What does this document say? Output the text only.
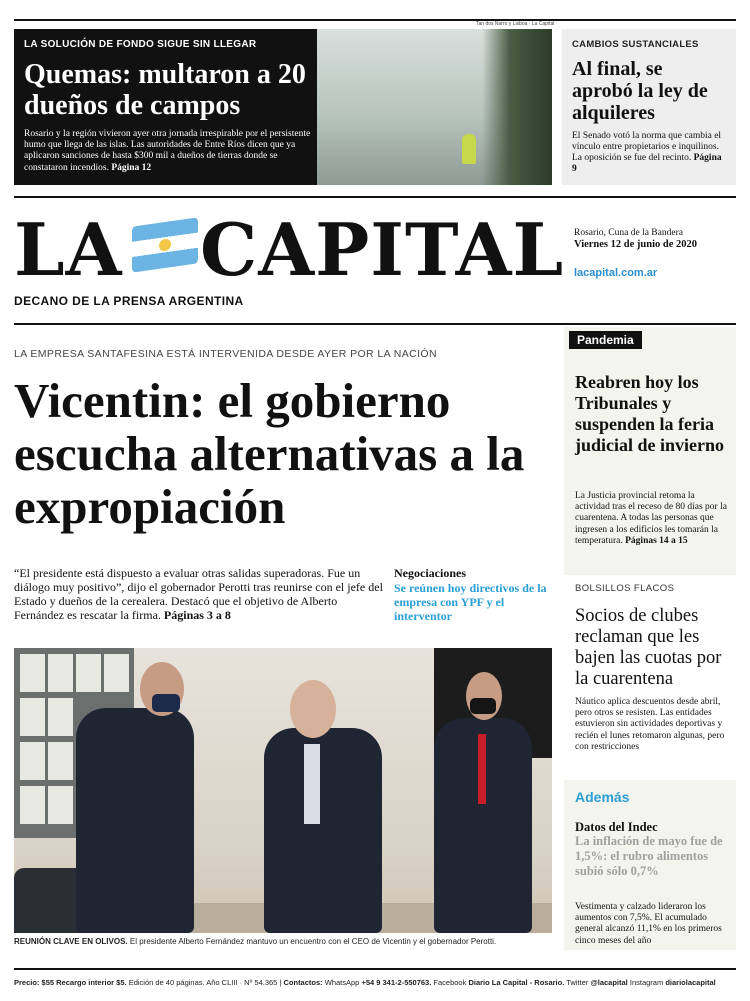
Tan dos Narro y Lisboa · La Capital
LA SOLUCIÓN DE FONDO SIGUE SIN LLEGAR
Quemas: multaron a 20 dueños de campos
Rosario y la región vivieron ayer otra jornada irrespirable por el persistente humo que llega de las islas. Las autoridades de Entre Ríos dicen que ya aplicaron sanciones de hasta $300 mil a dueños de tierras donde se constataron incendios. Página 12
CAMBIOS SUSTANCIALES
Al final, se aprobó la ley de alquileres
El Senado votó la norma que cambia el vínculo entre propietarios e inquilinos. La oposición se fue del recinto. Página 9
LA CAPITAL
DECANO DE LA PRENSA ARGENTINA
Rosario, Cuna de la Bandera
Viernes 12 de junio de 2020
lacapital.com.ar
LA EMPRESA SANTAFESINA ESTÁ INTERVENIDA DESDE AYER POR LA NACIÓN
Vicentin: el gobierno escucha alternativas a la expropiación
“El presidente está dispuesto a evaluar otras salidas superadoras. Fue un diálogo muy positivo”, dijo el gobernador Perotti tras reunirse con el jefe del Estado y dueños de la cerealera. Destacó que el objetivo de Alberto Fernández es rescatar la firma. Páginas 3 a 8
Negociaciones
Se reúnen hoy directivos de la empresa con YPF y el interventor
REUNIÓN CLAVE EN OLIVOS. El presidente Alberto Fernández mantuvo un encuentro con el CEO de Vicentin y el gobernador Perotti.
Pandemia
Reabren hoy los Tribunales y suspenden la feria judicial de invierno
La Justicia provincial retoma la actividad tras el receso de 80 días por la cuarentena. A todas las personas que ingresen a los edificios les tomarán la temperatura. Páginas 14 a 15
BOLSILLOS FLACOS
Socios de clubes reclaman que les bajen las cuotas por la cuarentena
Náutico aplica descuentos desde abril, pero otros se resisten. Las entidades estuvieron sin actividades deportivas y recién el lunes retomaron algunas, pero con restricciones
Además
Datos del Indec
La inflación de mayo fue de 1,5%: el rubro alimentos subió sólo 0,7%
Vestimenta y calzado lideraron los aumentos con 7,5%. El acumulado general alcanzó 11,1% en los primeros cinco meses del año
Precio: $55 Recargo interior $5. Edición de 40 páginas. Año CLIII · Nº 54.365 | Contactos: WhatsApp +54 9 341-2-550763. Facebook Diario La Capital - Rosario. Twitter @lacapital Instagram diariolacapital
